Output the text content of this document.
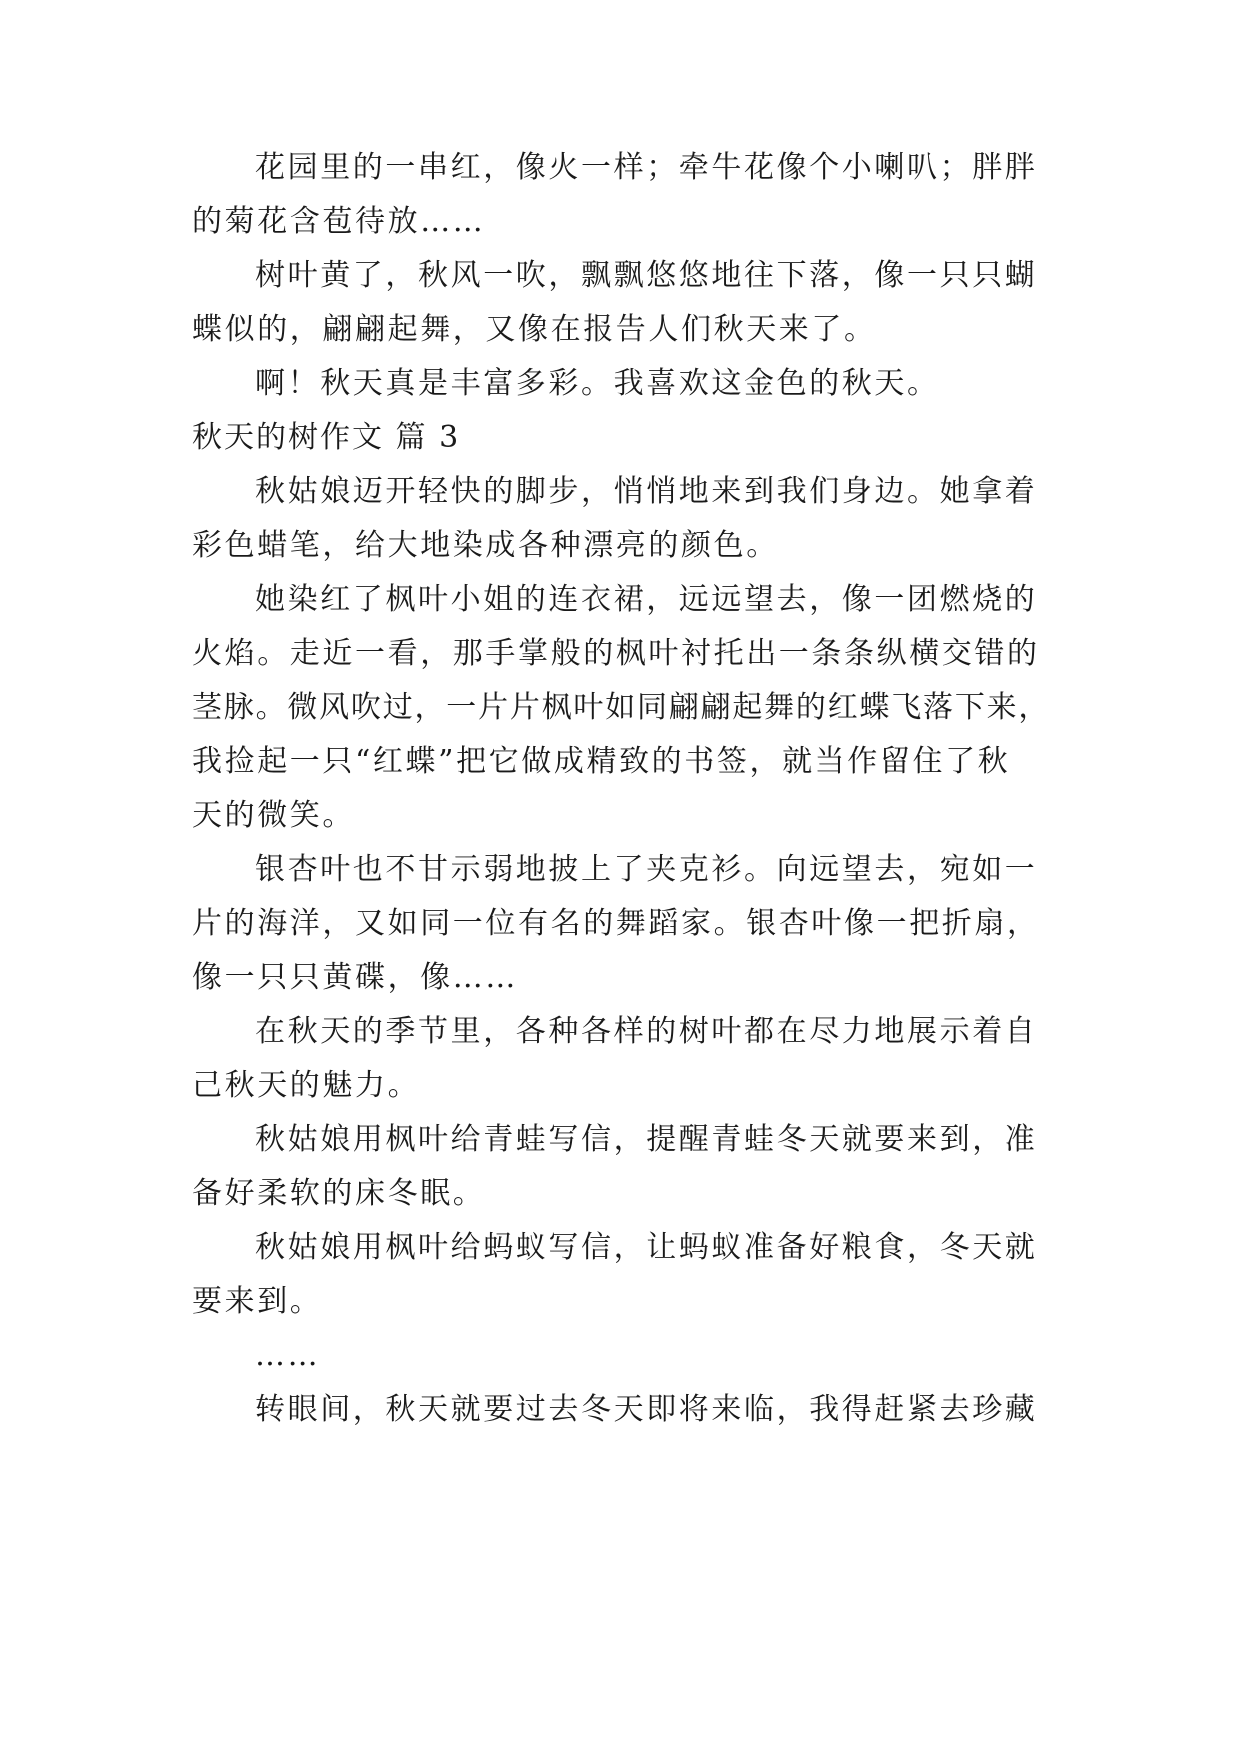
花园里的一串红，像火一样；牵牛花像个小喇叭；胖胖
的菊花含苞待放……
树叶黄了，秋风一吹，飘飘悠悠地往下落，像一只只蝴
蝶似的，翩翩起舞，又像在报告人们秋天来了。
啊！秋天真是丰富多彩。我喜欢这金色的秋天。
秋天的树作文 篇 3
秋姑娘迈开轻快的脚步，悄悄地来到我们身边。她拿着
彩色蜡笔，给大地染成各种漂亮的颜色。
她染红了枫叶小姐的连衣裙，远远望去，像一团燃烧的
火焰。走近一看，那手掌般的枫叶衬托出一条条纵横交错的
茎脉。微风吹过，一片片枫叶如同翩翩起舞的红蝶飞落下来，
我捡起一只“红蝶”把它做成精致的书签，就当作留住了秋
天的微笑。
银杏叶也不甘示弱地披上了夹克衫。向远望去，宛如一
片的海洋，又如同一位有名的舞蹈家。银杏叶像一把折扇，
像一只只黄碟，像……
在秋天的季节里，各种各样的树叶都在尽力地展示着自
己秋天的魅力。
秋姑娘用枫叶给青蛙写信，提醒青蛙冬天就要来到，准
备好柔软的床冬眠。
秋姑娘用枫叶给蚂蚁写信，让蚂蚁准备好粮食，冬天就
要来到。
……
转眼间，秋天就要过去冬天即将来临，我得赶紧去珍藏
